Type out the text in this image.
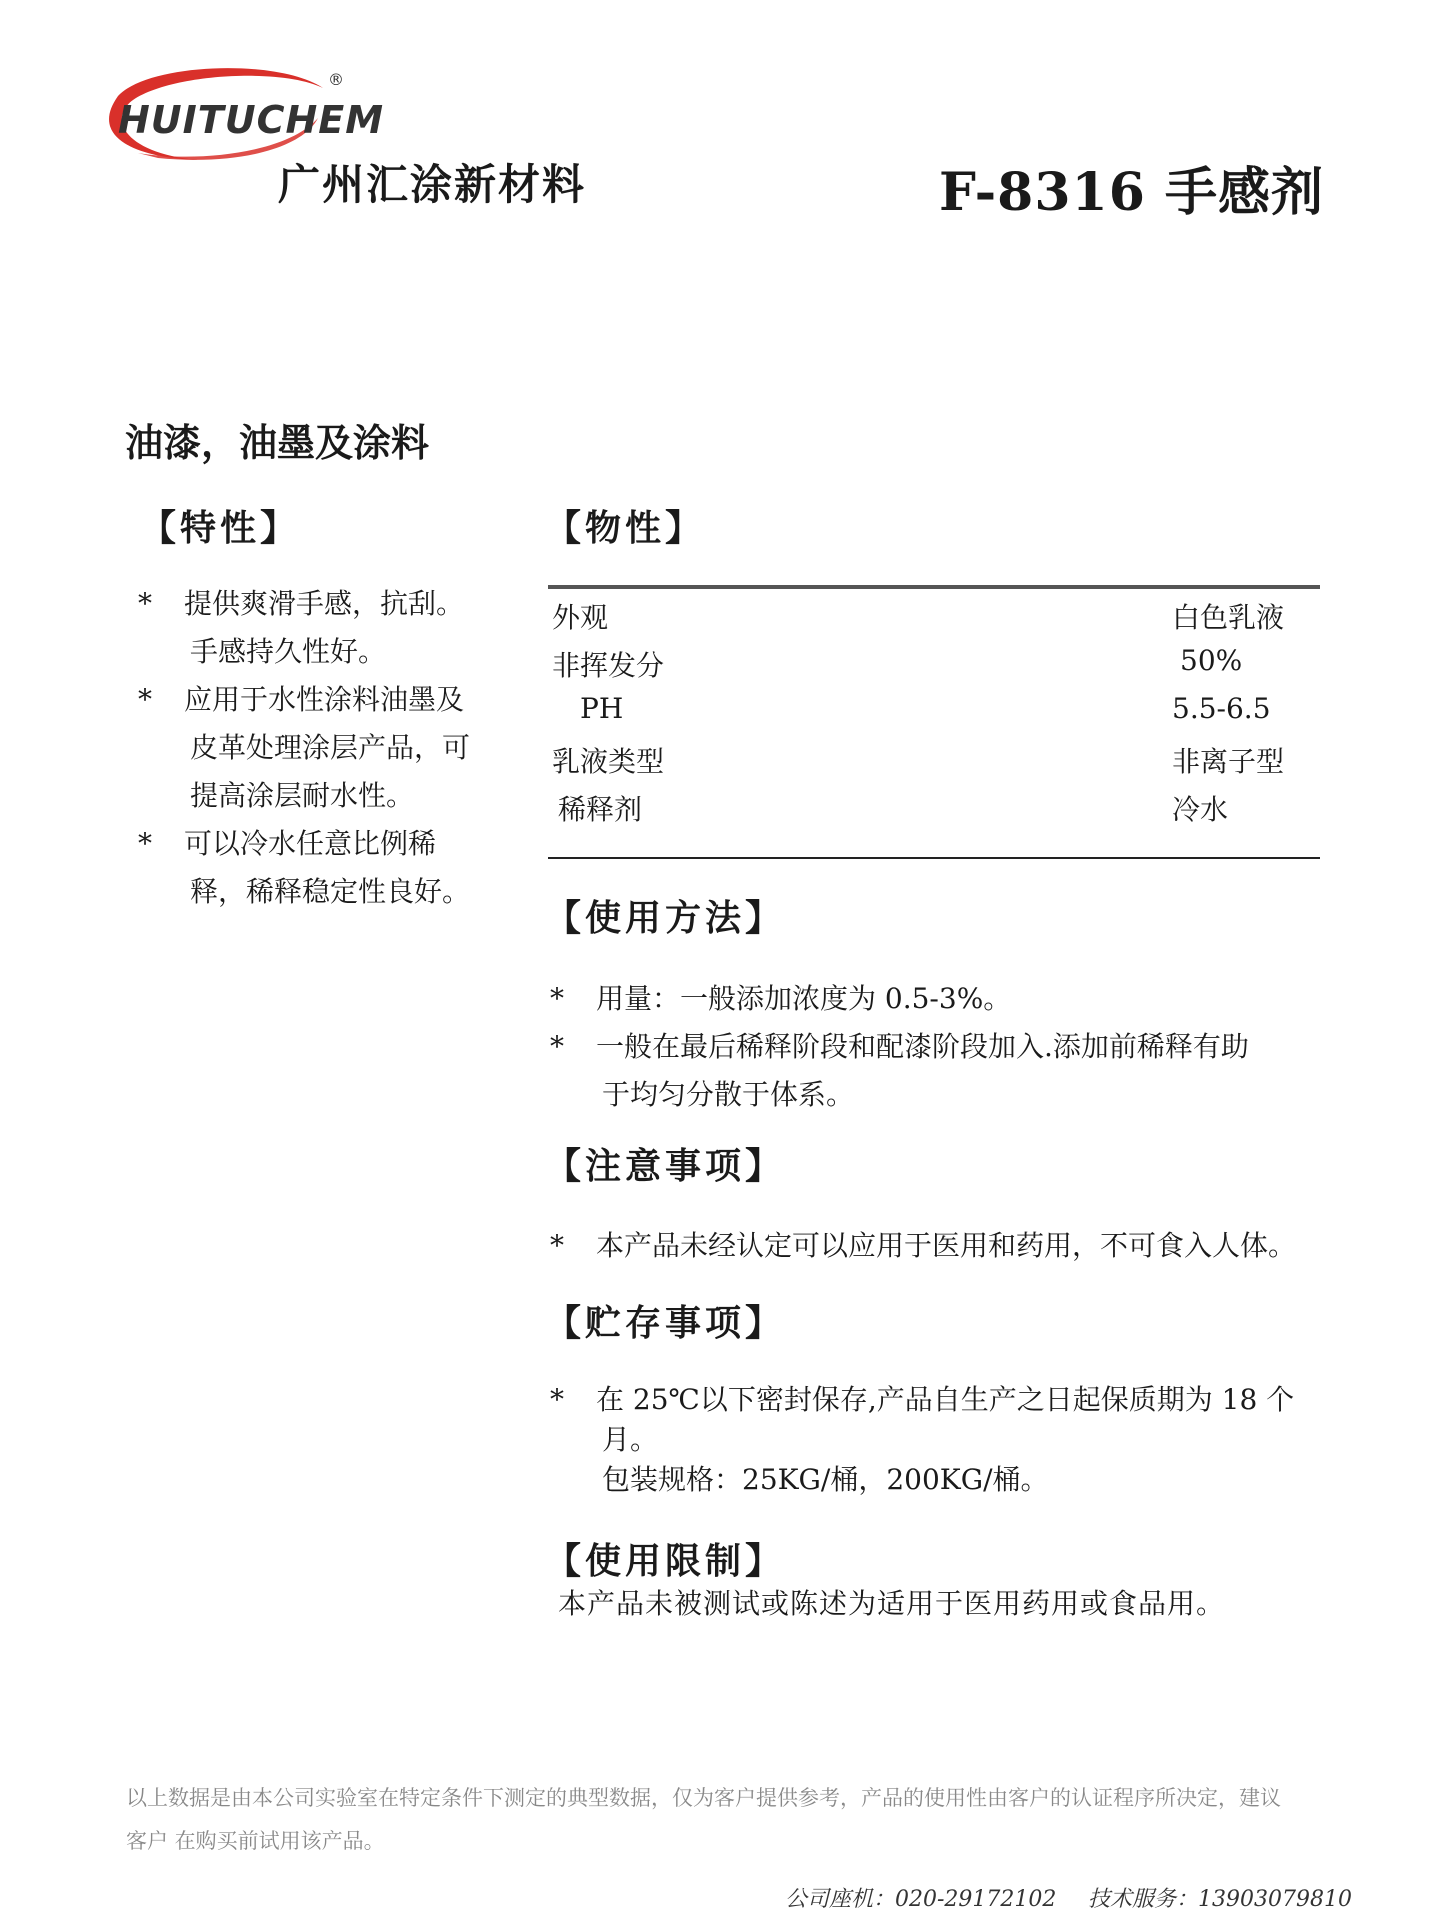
HUITUCHEM
®
广州汇涂新材料	F-8316 手感剂
油漆，油墨及涂料
【特性】
* 提供爽滑手感，抗刮。
手感持久性好。
* 应用于水性涂料油墨及
皮革处理涂层产品，可
提高涂层耐水性。
* 可以冷水任意比例稀
释，稀释稳定性良好。
【物性】
外观	白色乳液
非挥发分	50%
PH	5.5-6.5
乳液类型	非离子型
稀释剂	冷水
【使用方法】
* 用量：一般添加浓度为 0.5-3%。
* 一般在最后稀释阶段和配漆阶段加入.添加前稀释有助
于均匀分散于体系。
【注意事项】
* 本产品未经认定可以应用于医用和药用，不可食入人体。
【贮存事项】
* 在 25℃以下密封保存,产品自生产之日起保质期为 18 个
月。
包装规格：25KG/桶，200KG/桶。
【使用限制】
本产品未被测试或陈述为适用于医用药用或食品用。
以上数据是由本公司实验室在特定条件下测定的典型数据，仅为客户提供参考，产品的使用性由客户的认证程序所决定，建议
客户 在购买前试用该产品。
公司座机：020-29172102 技术服务：13903079810
